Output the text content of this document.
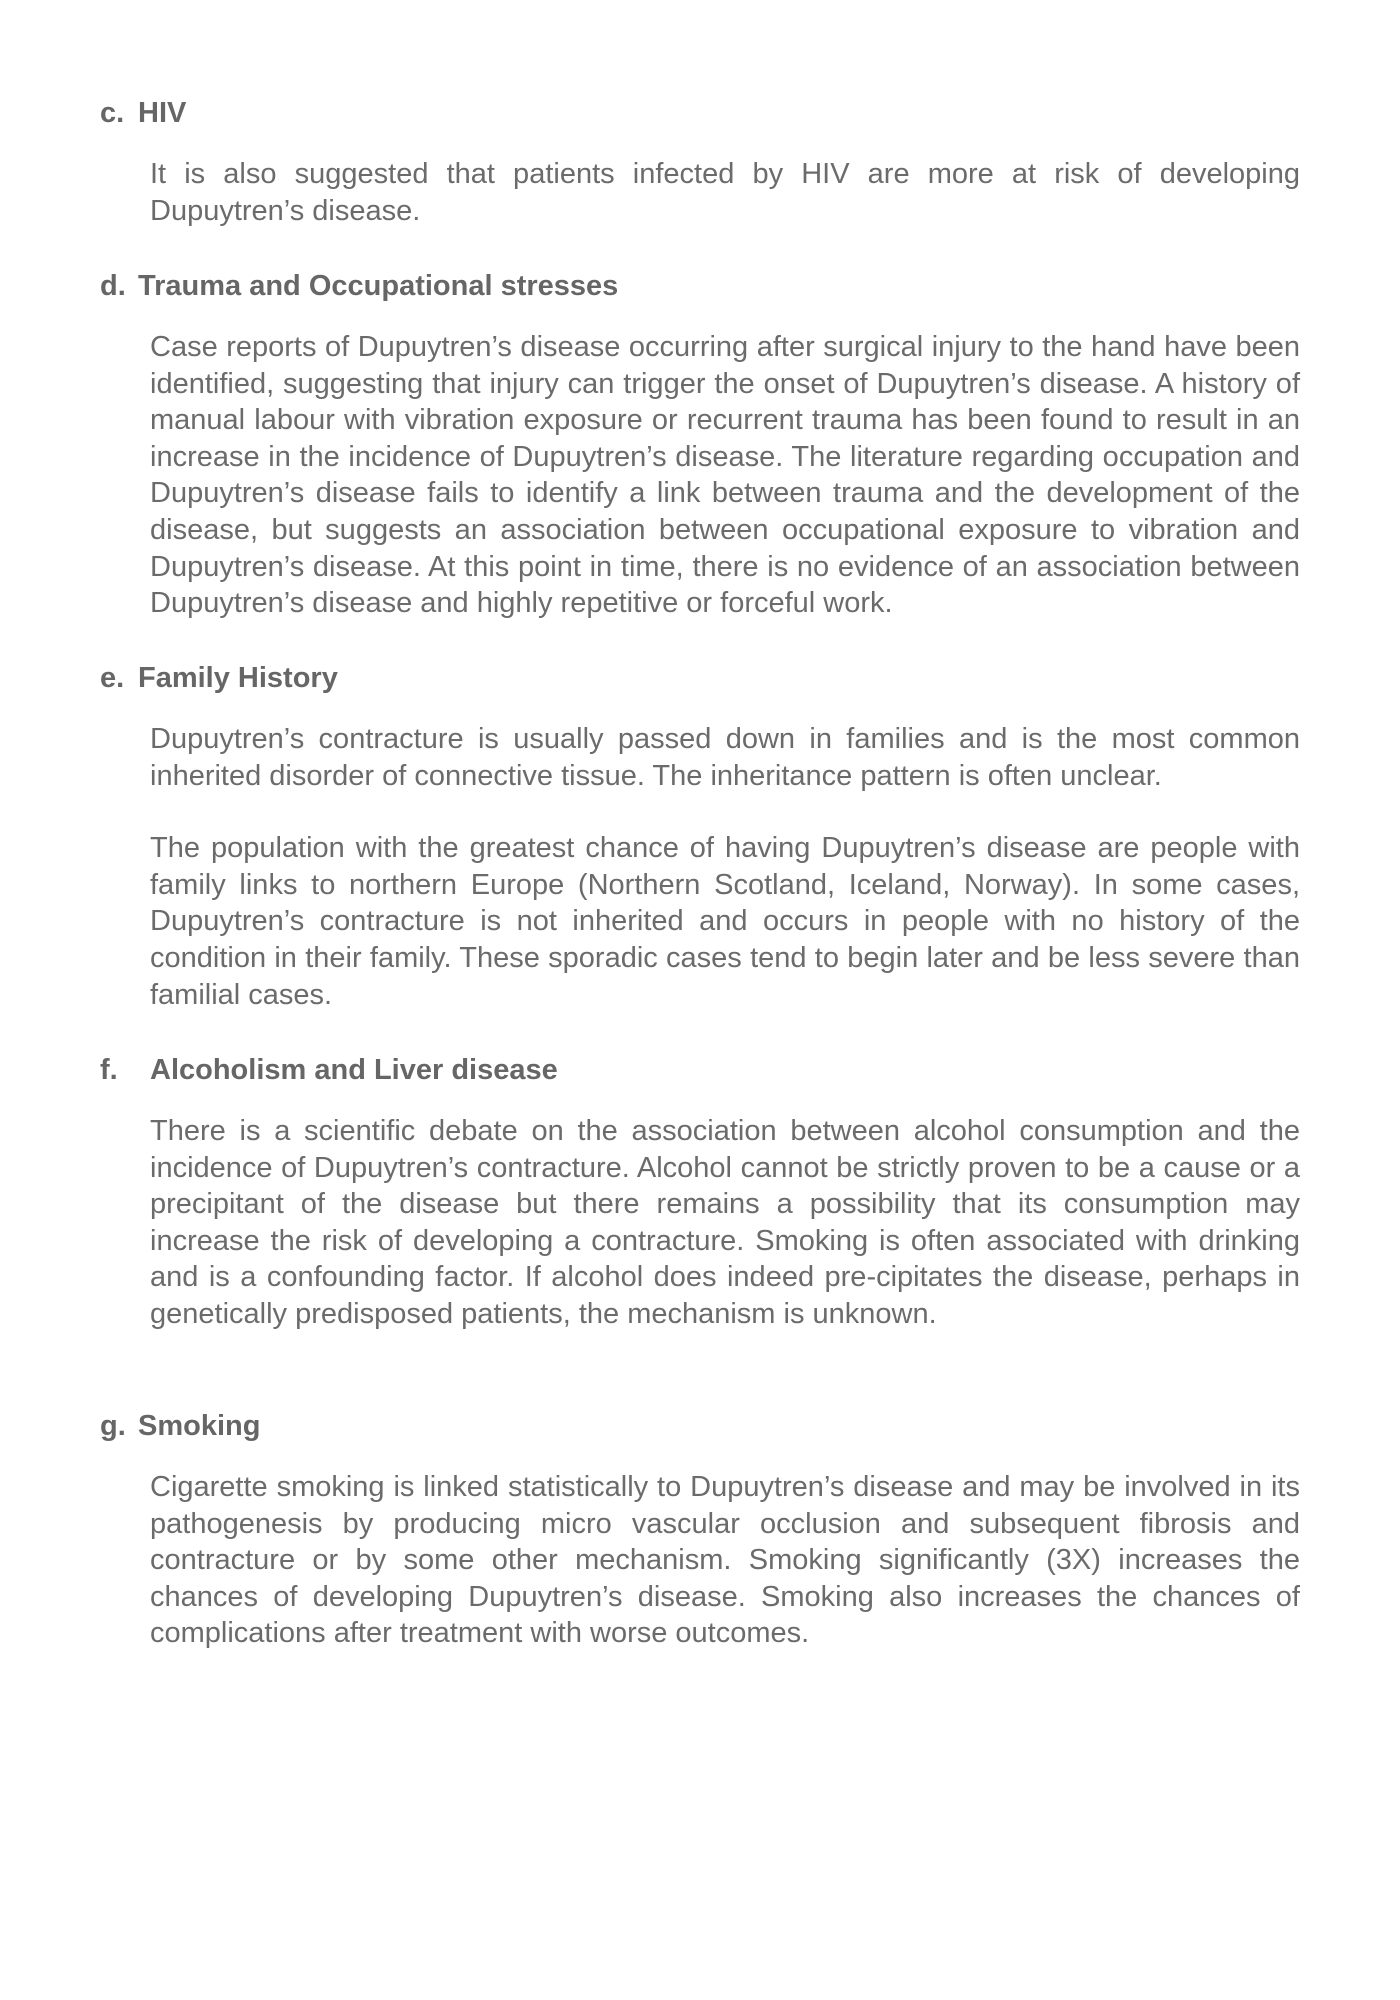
c. HIV

It is also suggested that patients infected by HIV are more at risk of developing Dupuytren’s disease.

d. Trauma and Occupational stresses

Case reports of Dupuytren’s disease occurring after surgical injury to the hand have been identified, suggesting that injury can trigger the onset of Dupuytren’s disease. A history of manual labour with vibration exposure or recurrent trauma has been found to result in an increase in the incidence of Dupuytren’s disease. The literature regarding occupation and Dupuytren’s disease fails to identify a link between trauma and the development of the disease, but suggests an association between occupational exposure to vibration and Dupuytren’s disease. At this point in time, there is no evidence of an association between Dupuytren’s disease and highly repetitive or forceful work.

e. Family History

Dupuytren’s contracture is usually passed down in families and is the most common inherited disorder of connective tissue. The inheritance pattern is often unclear.

The population with the greatest chance of having Dupuytren’s disease are people with family links to northern Europe (Northern Scotland, Iceland, Norway). In some cases, Dupuytren’s contracture is not inherited and occurs in people with no history of the condition in their family. These sporadic cases tend to begin later and be less severe than familial cases.

f.	Alcoholism and Liver disease

There is a scientific debate on the association between alcohol consumption and the incidence of Dupuytren’s contracture. Alcohol cannot be strictly proven to be a cause or a precipitant of the disease but there remains a possibility that its consumption may increase the risk of developing a contracture. Smoking is often associated with drinking and is a confounding factor. If alcohol does indeed pre-cipitates the disease, perhaps in genetically predisposed patients, the mechanism is unknown.

g. Smoking

Cigarette smoking is linked statistically to Dupuytren’s disease and may be involved in its pathogenesis by producing micro vascular occlusion and subsequent fibrosis and contracture or by some other mechanism. Smoking significantly (3X) increases the chances of developing Dupuytren’s disease. Smoking also increases the chances of complications after treatment with worse outcomes.
